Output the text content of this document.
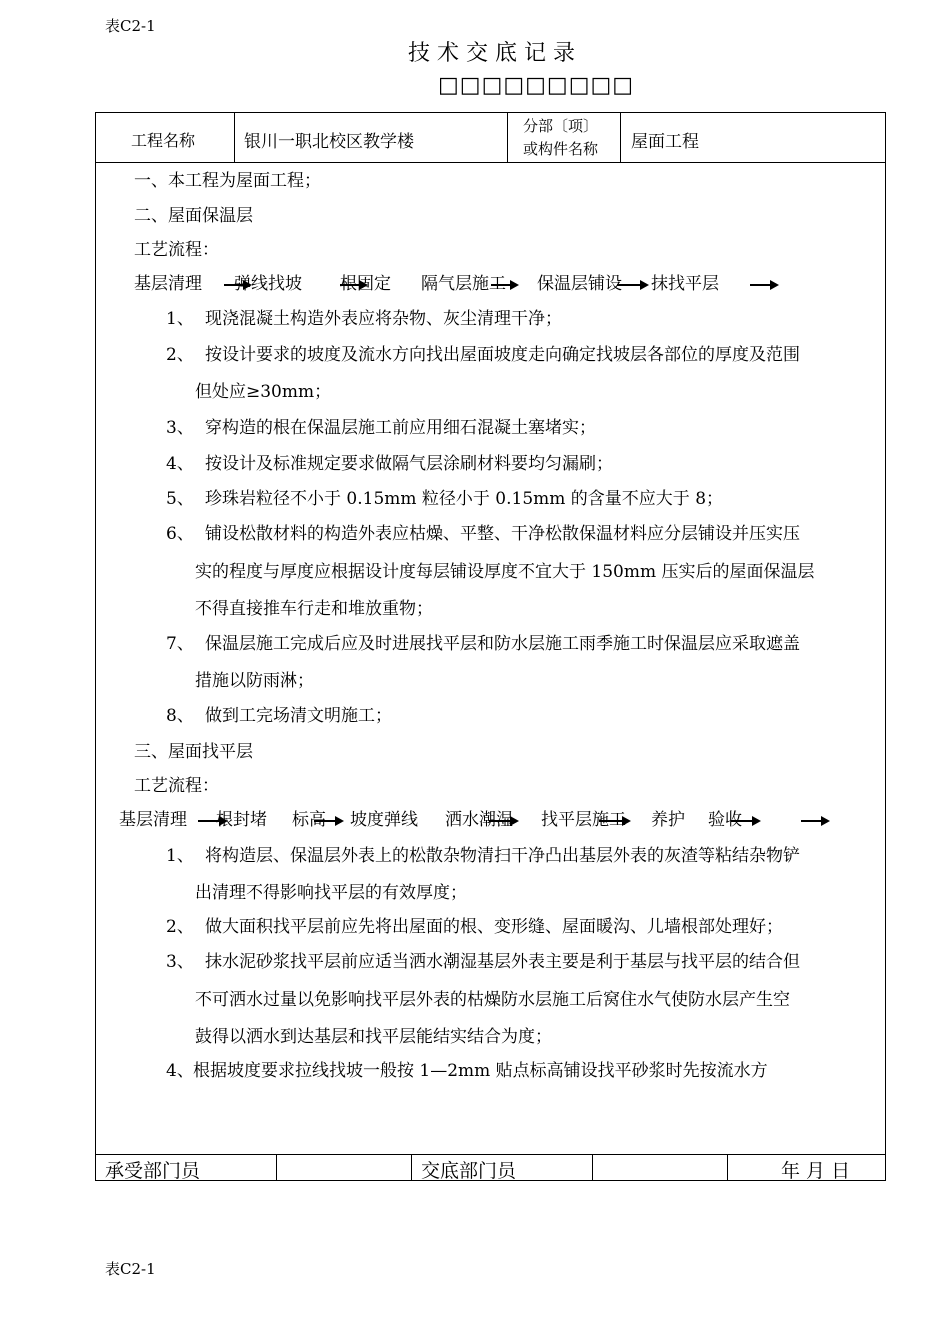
表C2-1
技术交底记录
□□□□□□□□□
工程名称	银川一职北校区教学楼
分部〔项〕
或构件名称 屋面工程
一、本工程为屋面工程；
二、屋面保温层
工艺流程：
基层清理 弹线找坡 根固定 隔气层施工 保温层铺设 抹找平层
1、 现浇混凝土构造外表应将杂物、灰尘清理干净；
2、 按设计要求的坡度及流水方向找出屋面坡度走向确定找坡层各部位的厚度及范围
但处应≥30mm；
3、 穿构造的根在保温层施工前应用细石混凝土塞堵实；
4、 按设计及标准规定要求做隔气层涂刷材料要均匀漏刷；
5、 珍珠岩粒径不小于 0.15mm 粒径小于 0.15mm 的含量不应大于 8；
6、 铺设松散材料的构造外表应枯燥、平整、干净松散保温材料应分层铺设并压实压
实的程度与厚度应根据设计度每层铺设厚度不宜大于 150mm 压实后的屋面保温层
不得直接推车行走和堆放重物；
7、 保温层施工完成后应及时进展找平层和防水层施工雨季施工时保温层应采取遮盖
措施以防雨淋；
8、 做到工完场清文明施工；
三、屋面找平层
工艺流程：
基层清理 根封堵 标高 坡度弹线 洒水潮湿 找平层施工 养护 验收
1、 将构造层、保温层外表上的松散杂物清扫干净凸出基层外表的灰渣等粘结杂物铲
出清理不得影响找平层的有效厚度；
2、 做大面积找平层前应先将出屋面的根、变形缝、屋面暖沟、儿墙根部处理好；
3、 抹水泥砂浆找平层前应适当洒水潮湿基层外表主要是利于基层与找平层的结合但
不可洒水过量以免影响找平层外表的枯燥防水层施工后窝住水气使防水层产生空
鼓得以洒水到达基层和找平层能结实结合为度；
4、 根据坡度要求拉线找坡一般按 1—2mm 贴点标高铺设找平砂浆时先按流水方
承受部门员	交底部门员	年 月 日
表C2-1
